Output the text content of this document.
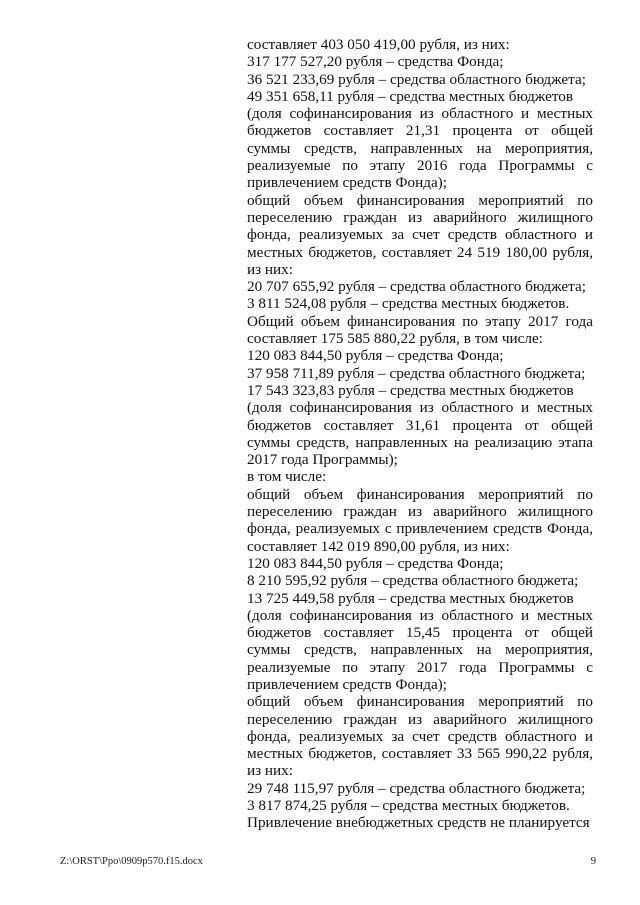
составляет 403 050 419,00 рубля, из них:

317 177 527,20 рубля – средства Фонда;

36 521 233,69 рубля – средства областного бюджета;

49 351 658,11 рубля – средства местных бюджетов

(доля софинансирования из областного и местных бюджетов составляет 21,31 процента от общей суммы средств, направленных на мероприятия, реализуемые по этапу 2016 года Программы с привлечением средств Фонда);

общий объем финансирования мероприятий по переселению граждан из аварийного жилищного фонда, реализуемых за счет средств областного и местных бюджетов, составляет 24 519 180,00 рубля, из них:

20 707 655,92 рубля – средства областного бюджета;

3 811 524,08 рубля – средства местных бюджетов.

Общий объем финансирования по этапу 2017 года составляет 175 585 880,22 рубля, в том числе:

120 083 844,50 рубля – средства Фонда;

37 958 711,89 рубля – средства областного бюджета;

17 543 323,83 рубля – средства местных бюджетов

(доля софинансирования из областного и местных бюджетов составляет 31,61 процента от общей суммы средств, направленных на реализацию этапа 2017 года Программы);

в том числе:

общий объем финансирования мероприятий по переселению граждан из аварийного жилищного фонда, реализуемых с привлечением средств Фонда, составляет 142 019 890,00 рубля, из них:

120 083 844,50 рубля – средства Фонда;

8 210 595,92 рубля – средства областного бюджета;

13 725 449,58 рубля – средства местных бюджетов

(доля софинансирования из областного и местных бюджетов составляет 15,45 процента от общей суммы средств, направленных на мероприятия, реализуемые по этапу 2017 года Программы с привлечением средств Фонда);

общий объем финансирования мероприятий по переселению граждан из аварийного жилищного фонда, реализуемых за счет средств областного и местных бюджетов, составляет 33 565 990,22 рубля, из них:

29 748 115,97 рубля – средства областного бюджета;

3 817 874,25 рубля – средства местных бюджетов.

Привлечение внебюджетных средств не планируется

Z:\ORST\Ppo\0909p570.f15.docx	9
